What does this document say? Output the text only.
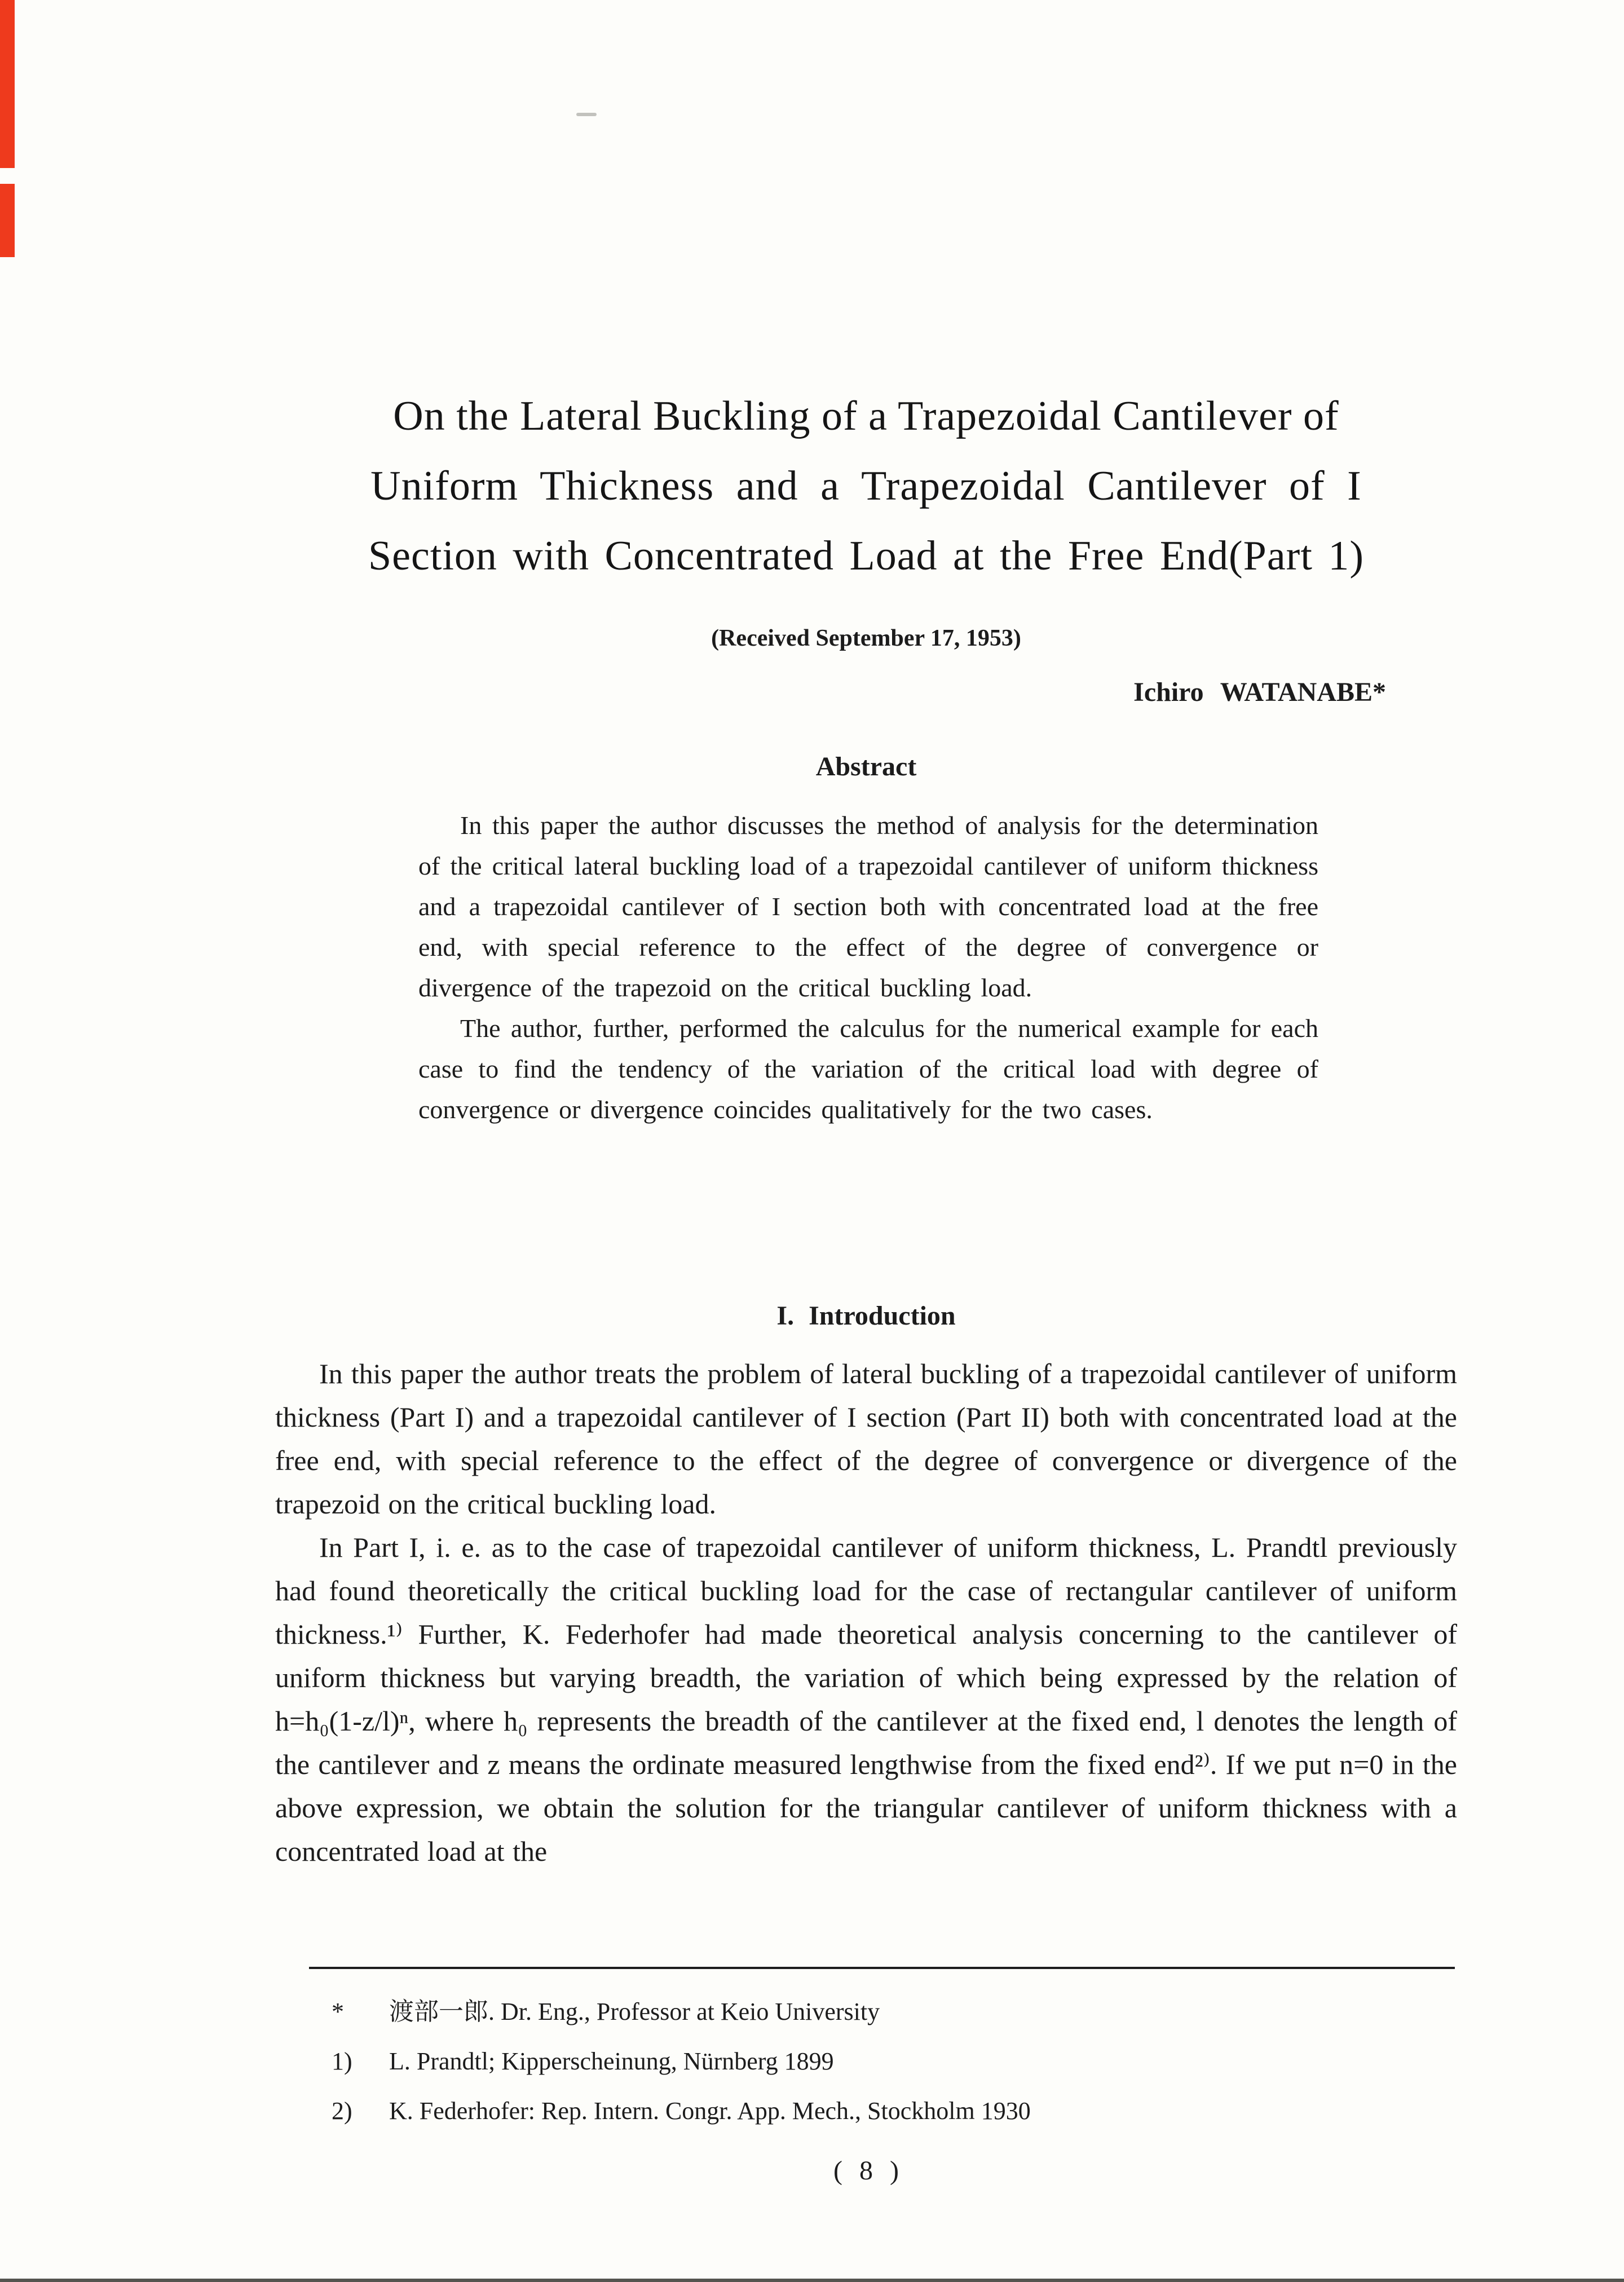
On the Lateral Buckling of a Trapezoidal Cantilever of
Uniform Thickness and a Trapezoidal Cantilever of I
Section with Concentrated Load at the Free End(Part 1)
(Received September 17, 1953)
Ichiro WATANABE*
Abstract

In this paper the author discusses the method of analysis for the determination of the critical lateral buckling load of a trapezoidal cantilever of uniform thickness and a trapezoidal cantilever of I section both with concentrated load at the free end, with special reference to the effect of the degree of convergence or divergence of the trapezoid on the critical buckling load.

The author, further, performed the calculus for the numerical example for each case to find the tendency of the variation of the critical load with degree of convergence or divergence coincides qualitatively for the two cases.

I. Introduction

In this paper the author treats the problem of lateral buckling of a trapezoidal cantilever of uniform thickness (Part I) and a trapezoidal cantilever of I section (Part II) both with concentrated load at the free end, with special reference to the effect of the degree of convergence or divergence of the trapezoid on the critical buckling load.

In Part I, i. e. as to the case of trapezoidal cantilever of uniform thickness, L. Prandtl previously had found theoretically the critical buckling load for the case of rectangular cantilever of uniform thickness.¹⁾ Further, K. Federhofer had made theoretical analysis concerning to the cantilever of uniform thickness but varying breadth, the variation of which being expressed by the relation of h=h₀(1-z/l)ⁿ, where h₀ represents the breadth of the cantilever at the fixed end, l denotes the length of the cantilever and z means the ordinate measured lengthwise from the fixed end²⁾. If we put n=0 in the above expression, we obtain the solution for the triangular cantilever of uniform thickness with a concentrated load at the

*	渡部一郎. Dr. Eng., Professor at Keio University
1)	L. Prandtl; Kipperscheinung, Nürnberg 1899
2)	K. Federhofer: Rep. Intern. Congr. App. Mech., Stockholm 1930
( 8 )
